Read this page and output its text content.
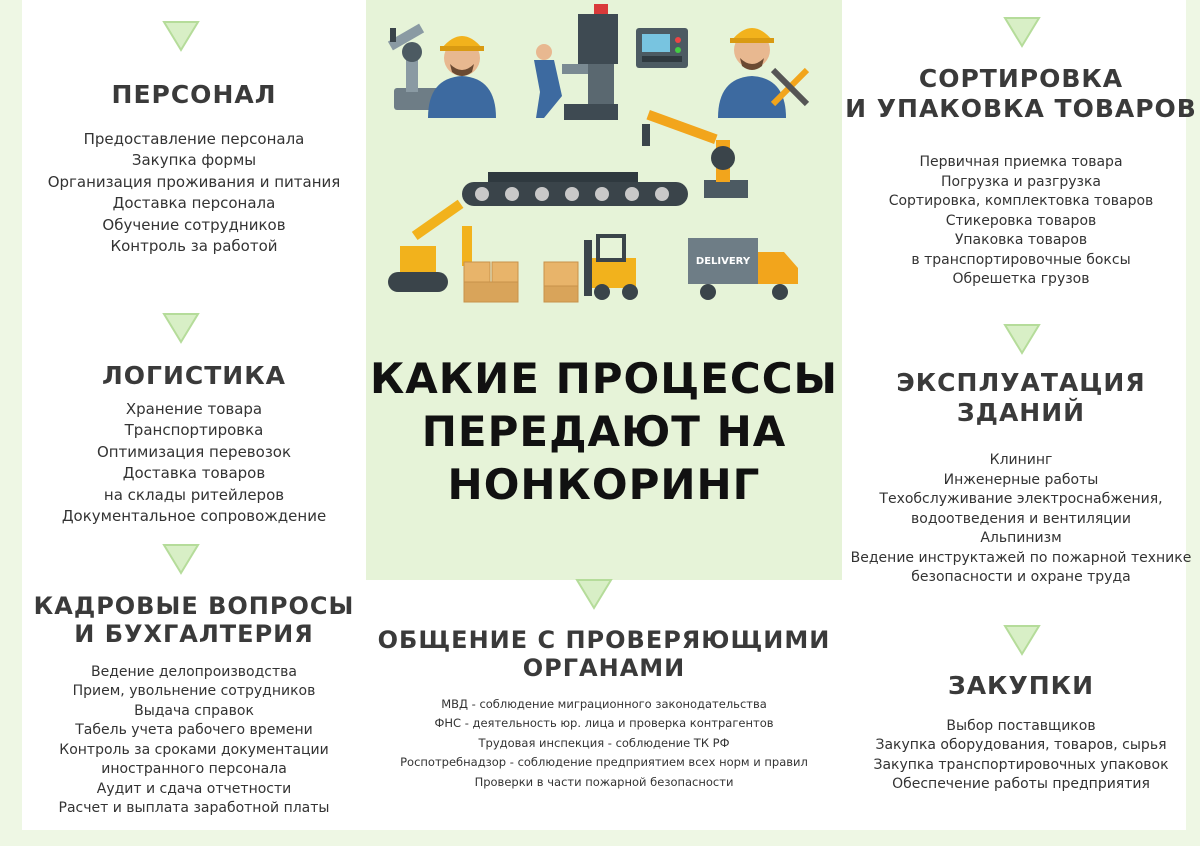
ПЕРСОНАЛ
Предоставление персонала
Закупка формы
Организация проживания и питания
Доставка персонала
Обучение сотрудников
Контроль за работой
ЛОГИСТИКА
Хранение товара
Транспортировка
Оптимизация перевозок
Доставка товаров
на склады ритейлеров
Документальное сопровождение
КАДРОВЫЕ ВОПРОСЫ
И БУХГАЛТЕРИЯ
Ведение делопроизводства
Прием, увольнение сотрудников
Выдача справок
Табель учета рабочего времени
Контроль за сроками документации
иностранного персонала
Аудит и сдача отчетности
Расчет и выплата заработной платы
ОБЩЕНИЕ С ПРОВЕРЯЮЩИМИ
ОРГАНАМИ
МВД - соблюдение миграционного законодательства
ФНС - деятельность юр. лица и проверка контрагентов
Трудовая инспекция - соблюдение ТК РФ
Роспотребнадзор - соблюдение предприятием всех норм и правил
Проверки в части пожарной безопасности
СОРТИРОВКА
И УПАКОВКА ТОВАРОВ
Первичная приемка товара
Погрузка и разгрузка
Сортировка, комплектовка товаров
Стикеровка товаров
Упаковка товаров
в транспортировочные боксы
Обрешетка грузов
ЭКСПЛУАТАЦИЯ
ЗДАНИЙ
Клининг
Инженерные работы
Техобслуживание электроснабжения,
водоотведения и вентиляции
Альпинизм
Ведение инструктажей по пожарной технике
безопасности и охране труда
ЗАКУПКИ
Выбор поставщиков
Закупка оборудования, товаров, сырья
Закупка транспортировочных упаковок
Обеспечение работы предприятия
КАКИЕ ПРОЦЕССЫ
ПЕРЕДАЮТ НА
НОНКОРИНГ
DELIVERY
